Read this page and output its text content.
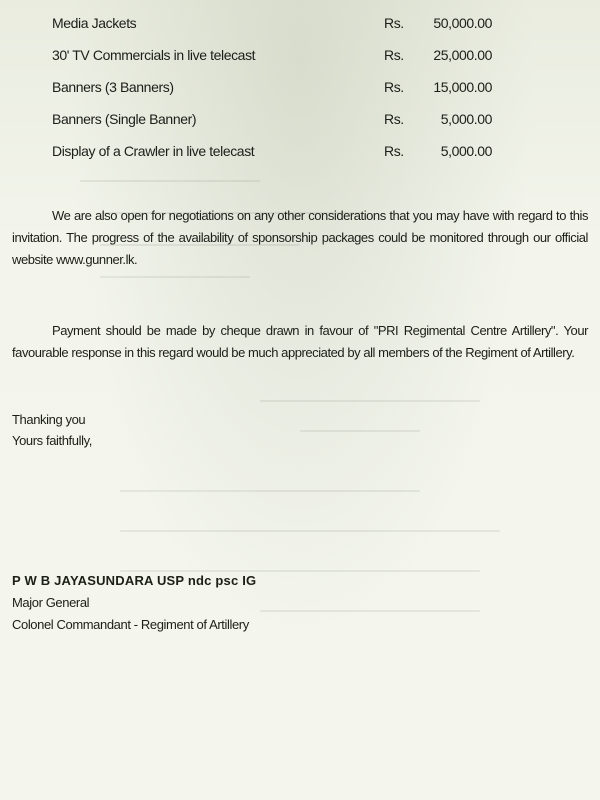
Media Jackets	Rs.	50,000.00
30' TV Commercials in live telecast	Rs.	25,000.00
Banners (3 Banners)	Rs.	15,000.00
Banners (Single Banner)	Rs.	5,000.00
Display of a Crawler in live telecast	Rs.	5,000.00

We are also open for negotiations on any other considerations that you may have with regard to this invitation. The progress of the availability of sponsorship packages could be monitored through our official website www.gunner.lk.

Payment should be made by cheque drawn in favour of "PRI Regimental Centre Artillery". Your favourable response in this regard would be much appreciated by all members of the Regiment of Artillery.

Thanking you
Yours faithfully,
P W B JAYASUNDARA USP ndc psc IG
Major General
Colonel Commandant - Regiment of Artillery
